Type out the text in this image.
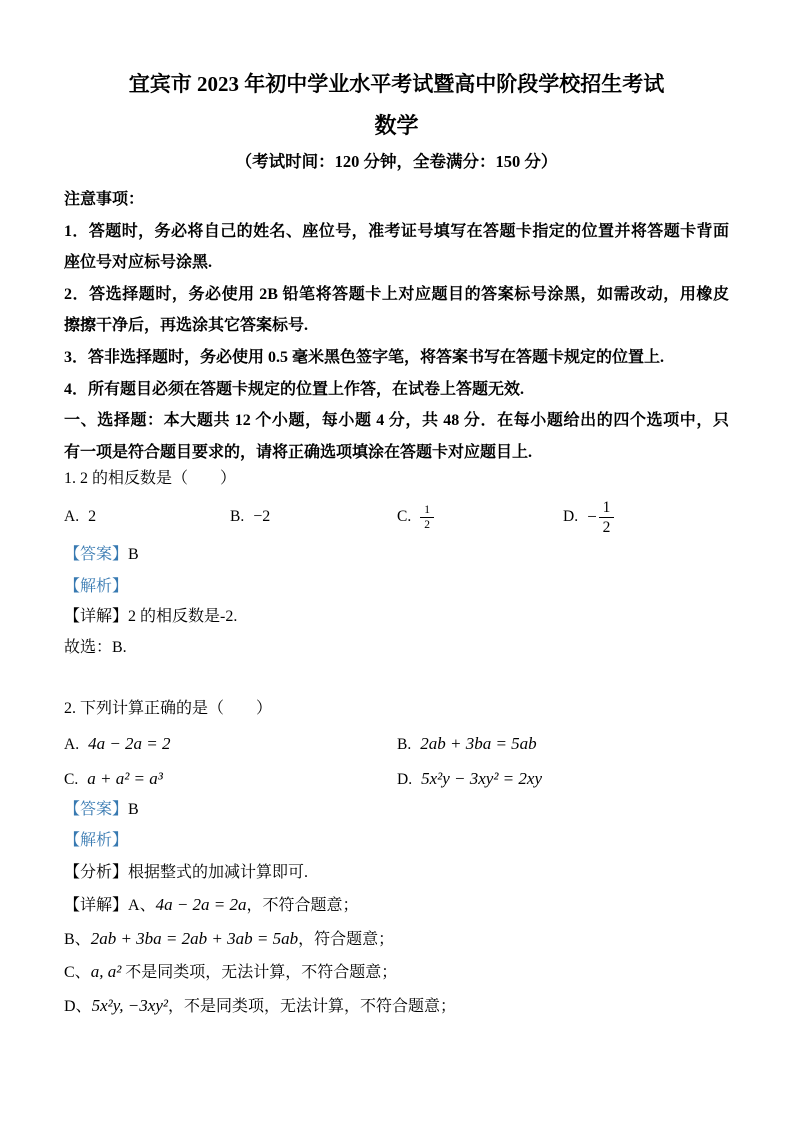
宜宾市 2023 年初中学业水平考试暨高中阶段学校招生考试
数学
（考试时间：120 分钟，全卷满分：150 分）
注意事项：
1．答题时，务必将自己的姓名、座位号，准考证号填写在答题卡指定的位置并将答题卡背面
座位号对应标号涂黑.
2．答选择题时，务必使用 2B 铅笔将答题卡上对应题目的答案标号涂黑，如需改动，用橡皮
擦擦干净后，再选涂其它答案标号.
3．答非选择题时，务必使用 0.5 毫米黑色签字笔，将答案书写在答题卡规定的位置上.
4．所有题目必须在答题卡规定的位置上作答，在试卷上答题无效.
一、选择题：本大题共 12 个小题，每小题 4 分，共 48 分．在每小题给出的四个选项中，只
有一项是符合题目要求的，请将正确选项填涂在答题卡对应题目上.
1. 2 的相反数是（　　）
A. 2	B. −2	C. $\frac{1}{2}$	D. − $\frac{1}{2}$
【答案】B
【解析】
【详解】2 的相反数是-2.
故选：B.
2. 下列计算正确的是（　　）
A. 4a − 2a = 2	B. 2ab + 3ba = 5ab
C. a + a² = a³	D. 5x²y − 3xy² = 2xy
【答案】B
【解析】
【分析】根据整式的加减计算即可.
【详解】A、4a − 2a = 2a，不符合题意；
B、2ab + 3ba = 2ab + 3ab = 5ab，符合题意；
C、a, a² 不是同类项，无法计算，不符合题意；
D、5x²y, −3xy²，不是同类项，无法计算，不符合题意；
